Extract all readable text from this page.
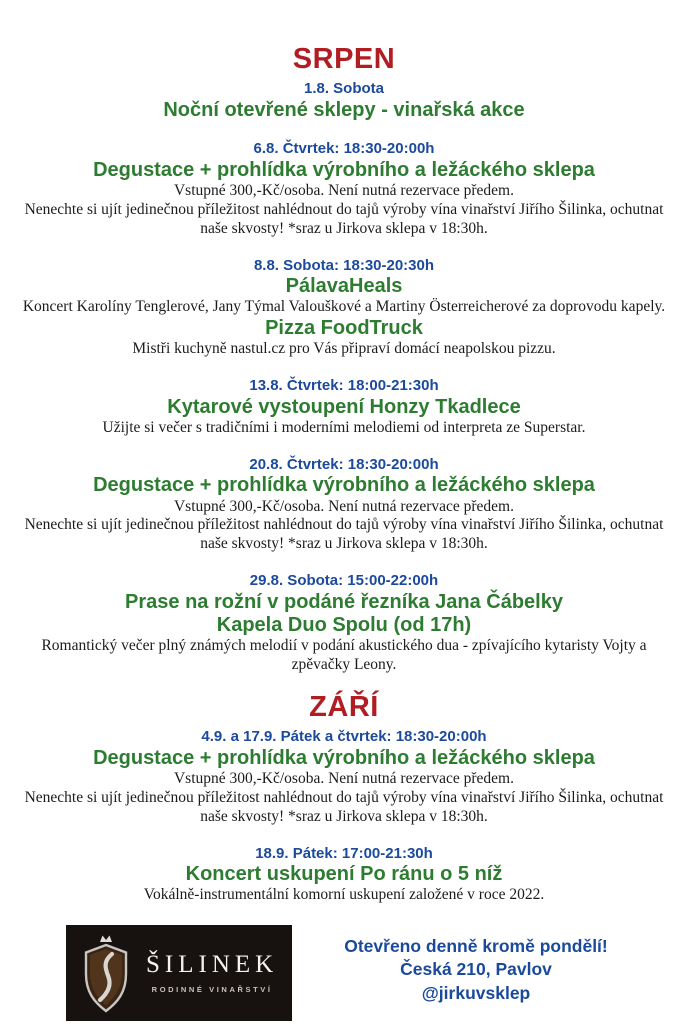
SRPEN
1.8. Sobota
Noční otevřené sklepy - vinařská akce
6.8. Čtvrtek: 18:30-20:00h
Degustace + prohlídka výrobního a ležáckého sklepa
Vstupné 300,-Kč/osoba. Není nutná rezervace předem.
Nenechte si ujít jedinečnou příležitost nahlédnout do tajů výroby vína vinařství Jiřího Šilinka, ochutnat naše skvosty! *sraz u Jirkova sklepa v 18:30h.
8.8. Sobota: 18:30-20:30h
PálavaHeals
Koncert Karolíny Tenglerové, Jany Týmal Valouškové a Martiny Österreicherové za doprovodu kapely.
Pizza FoodTruck
Mistři kuchyně nastul.cz pro Vás připraví domácí neapolskou pizzu.
13.8. Čtvrtek: 18:00-21:30h
Kytarové vystoupení Honzy Tkadlece
Užijte si večer s tradičními i moderními melodiemi od interpreta ze Superstar.
20.8. Čtvrtek: 18:30-20:00h
Degustace + prohlídka výrobního a ležáckého sklepa
Vstupné 300,-Kč/osoba. Není nutná rezervace předem.
Nenechte si ujít jedinečnou příležitost nahlédnout do tajů výroby vína vinařství Jiřího Šilinka, ochutnat naše skvosty! *sraz u Jirkova sklepa v 18:30h.
29.8. Sobota: 15:00-22:00h
Prase na rožní v podáné řezníka Jana Čábelky
Kapela Duo Spolu (od 17h)
Romantický večer plný známých melodií v podání akustického dua - zpívajícího kytaristy Vojty a zpěvačky Leony.
ZÁŘÍ
4.9. a 17.9. Pátek a čtvrtek: 18:30-20:00h
Degustace + prohlídka výrobního a ležáckého sklepa
Vstupné 300,-Kč/osoba. Není nutná rezervace předem.
Nenechte si ujít jedinečnou příležitost nahlédnout do tajů výroby vína vinařství Jiřího Šilinka, ochutnat naše skvosty! *sraz u Jirkova sklepa v 18:30h.
18.9. Pátek: 17:00-21:30h
Koncert uskupení Po ránu o 5 níž
Vokálně-instrumentální komorní uskupení založené v roce 2022.
ŠILINEK
RODINNÉ VINAŘSTVÍ
Otevřeno denně kromě pondělí!
Česká 210, Pavlov
@jirkuvsklep
